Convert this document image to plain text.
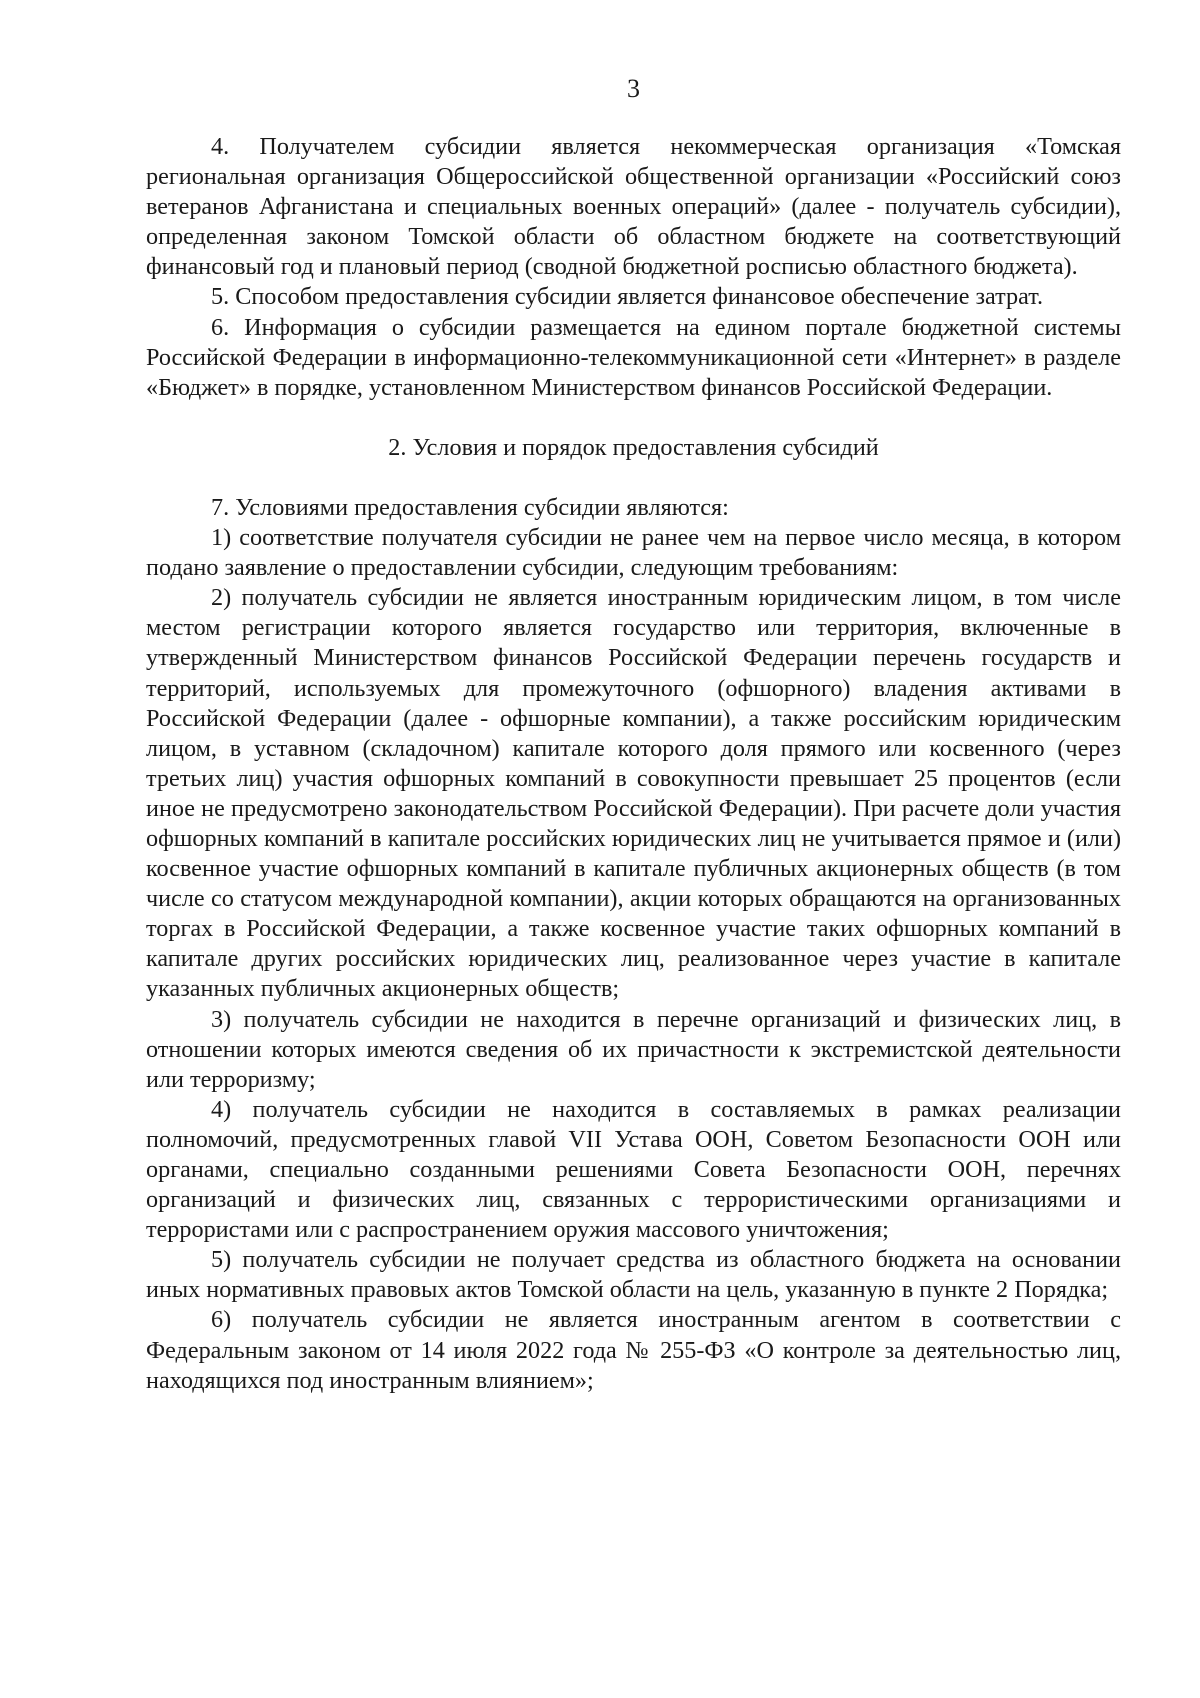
3

4. Получателем субсидии является некоммерческая организация «Томская региональная организация Общероссийской общественной организации «Российский союз ветеранов Афганистана и специальных военных операций» (далее - получатель субсидии), определенная законом Томской области об областном бюджете на соответствующий финансовый год и плановый период (сводной бюджетной росписью областного бюджета).

5. Способом предоставления субсидии является финансовое обеспечение затрат.

6. Информация о субсидии размещается на едином портале бюджетной системы Российской Федерации в информационно-телекоммуникационной сети «Интернет» в разделе «Бюджет» в порядке, установленном Министерством финансов Российской Федерации.

2. Условия и порядок предоставления субсидий

7. Условиями предоставления субсидии являются:

1) соответствие получателя субсидии не ранее чем на первое число месяца, в котором подано заявление о предоставлении субсидии, следующим требованиям:

2) получатель субсидии не является иностранным юридическим лицом, в том числе местом регистрации которого является государство или территория, включенные в утвержденный Министерством финансов Российской Федерации перечень государств и территорий, используемых для промежуточного (офшорного) владения активами в Российской Федерации (далее - офшорные компании), а также российским юридическим лицом, в уставном (складочном) капитале которого доля прямого или косвенного (через третьих лиц) участия офшорных компаний в совокупности превышает 25 процентов (если иное не предусмотрено законодательством Российской Федерации). При расчете доли участия офшорных компаний в капитале российских юридических лиц не учитывается прямое и (или) косвенное участие офшорных компаний в капитале публичных акционерных обществ (в том числе со статусом международной компании), акции которых обращаются на организованных торгах в Российской Федерации, а также косвенное участие таких офшорных компаний в капитале других российских юридических лиц, реализованное через участие в капитале указанных публичных акционерных обществ;

3) получатель субсидии не находится в перечне организаций и физических лиц, в отношении которых имеются сведения об их причастности к экстремистской деятельности или терроризму;

4) получатель субсидии не находится в составляемых в рамках реализации полномочий, предусмотренных главой VII Устава ООН, Советом Безопасности ООН или органами, специально созданными решениями Совета Безопасности ООН, перечнях организаций и физических лиц, связанных с террористическими организациями и террористами или с распространением оружия массового уничтожения;

5) получатель субсидии не получает средства из областного бюджета на основании иных нормативных правовых актов Томской области на цель, указанную в пункте 2 Порядка;

6) получатель субсидии не является иностранным агентом в соответствии с Федеральным законом от 14 июля 2022 года № 255-ФЗ «О контроле за деятельностью лиц, находящихся под иностранным влиянием»;
